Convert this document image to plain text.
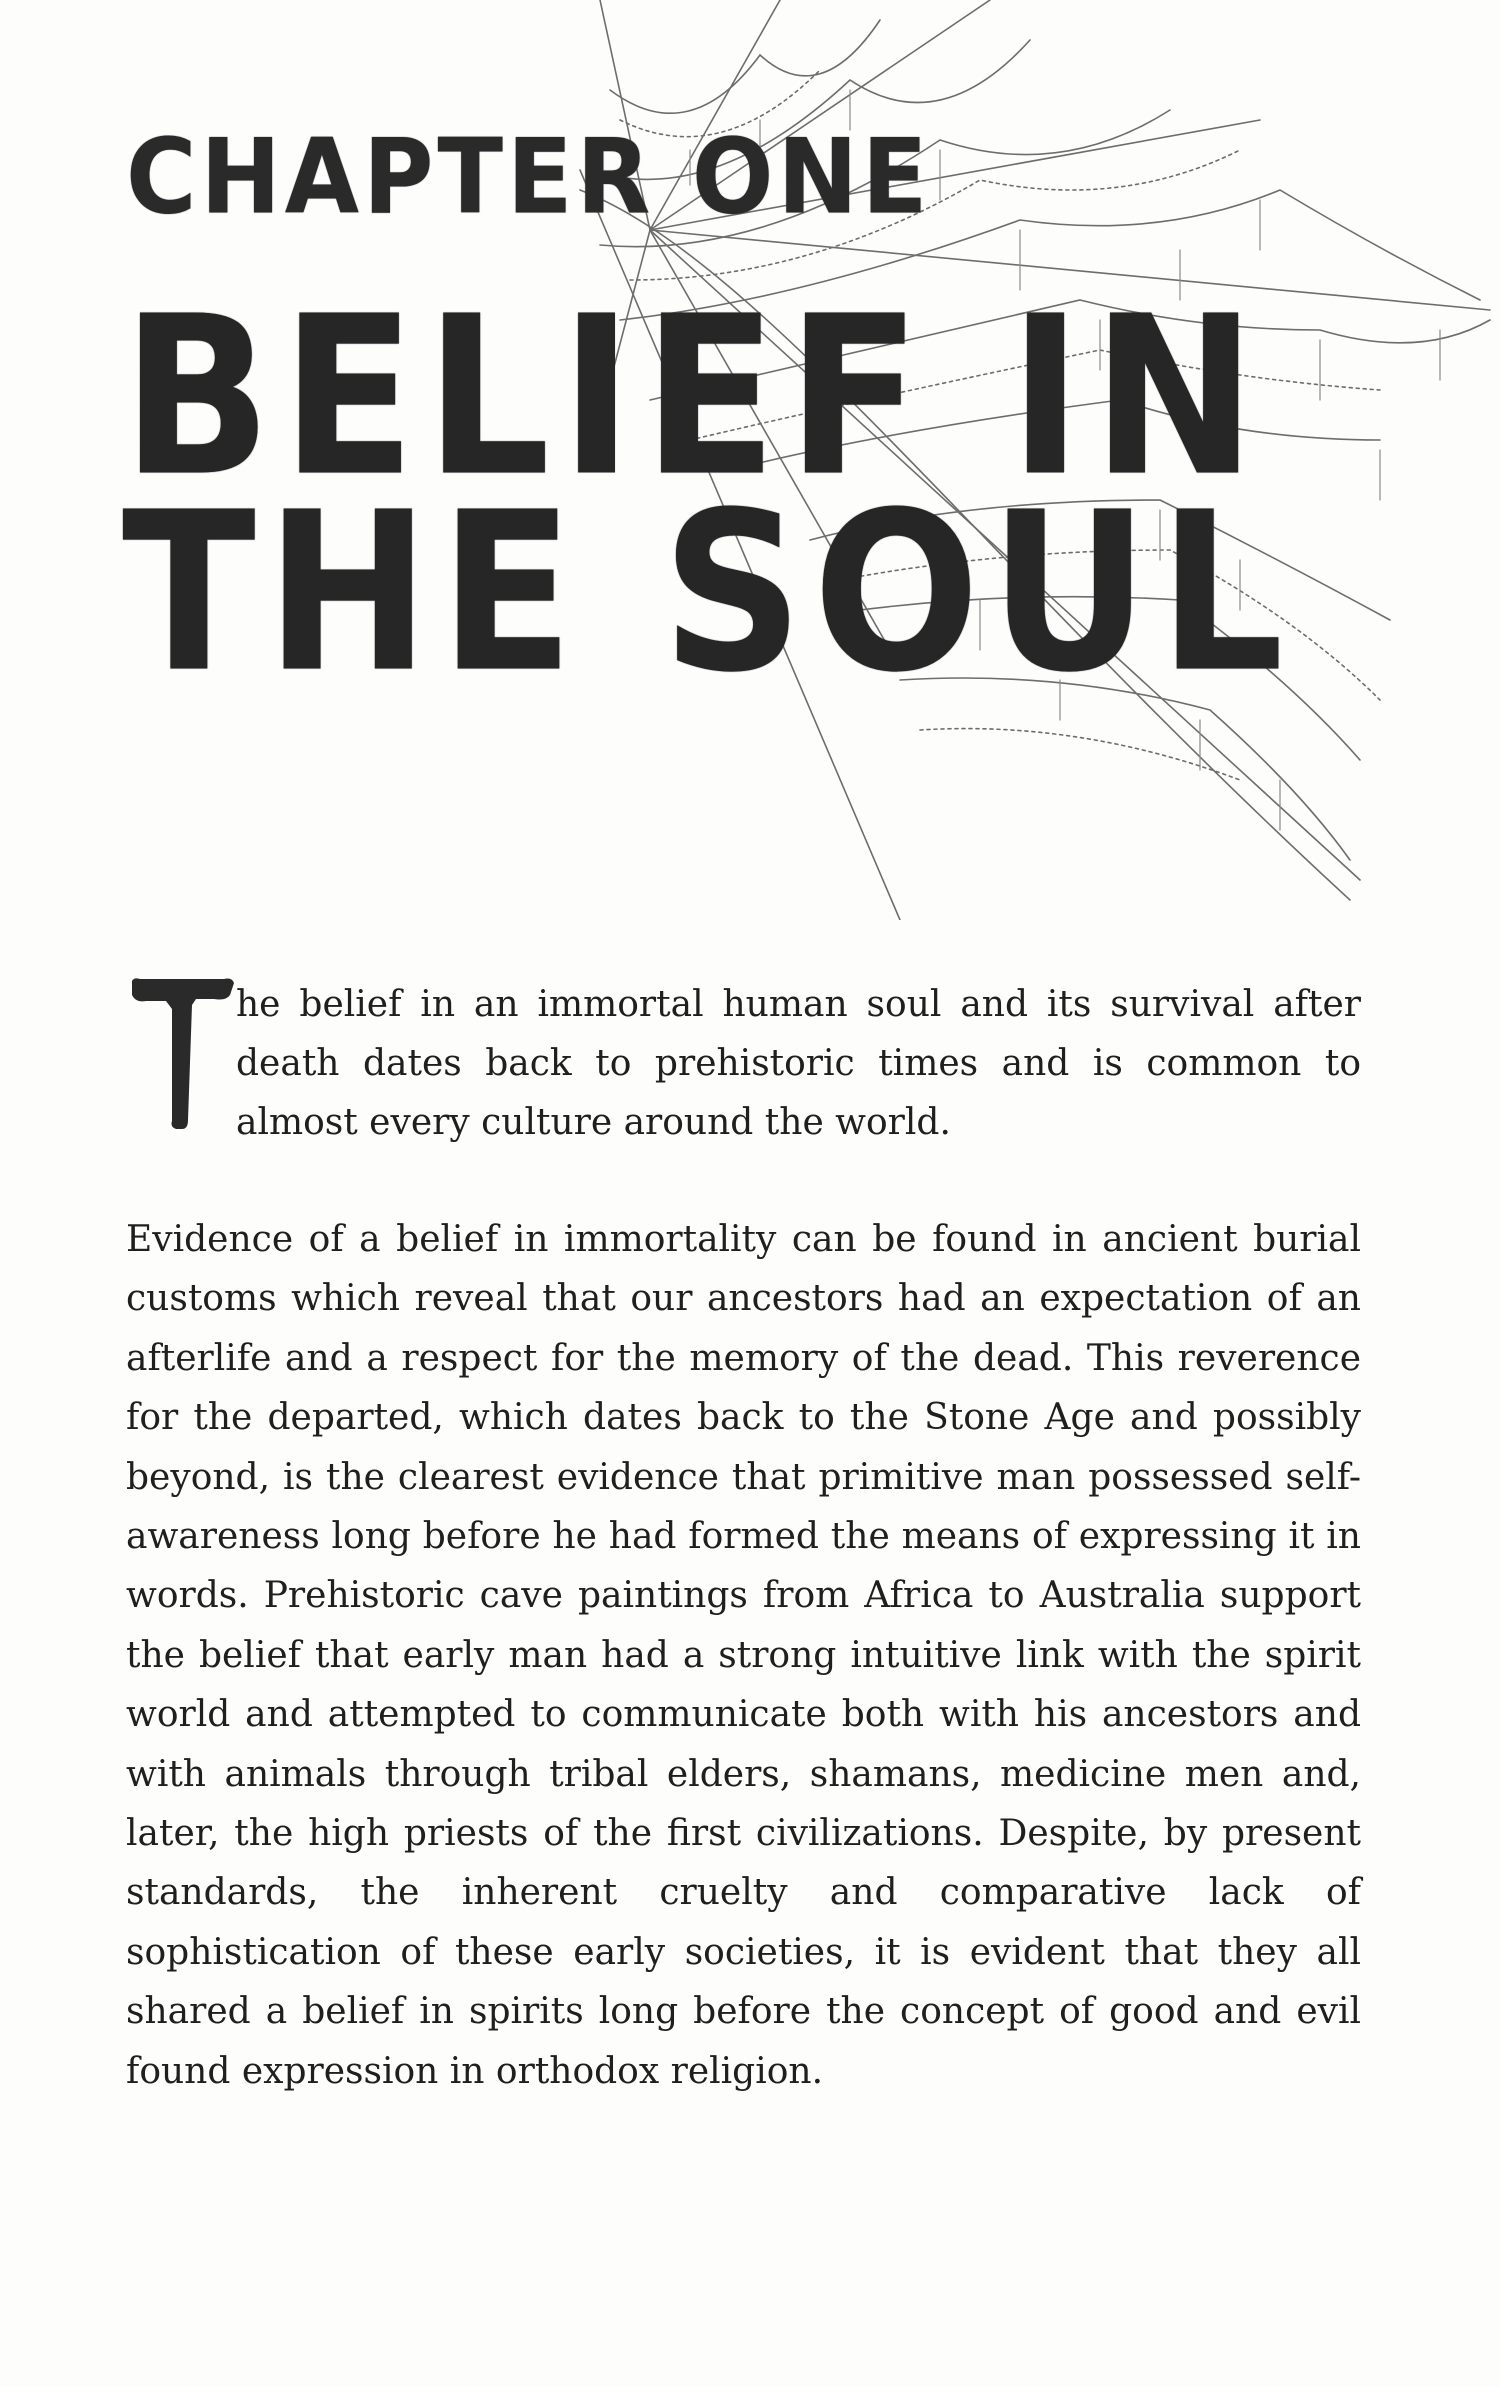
CHAPTER ONE
BELIEF IN
THE SOUL

he belief in an immortal human soul and its survival after death dates back to prehistoric times and is common to almost every culture around the world.

Evidence of a belief in immortality can be found in ancient burial customs which reveal that our ancestors had an expectation of an afterlife and a respect for the memory of the dead. This reverence for the departed, which dates back to the Stone Age and possibly beyond, is the clearest evidence that primitive man possessed self-awareness long before he had formed the means of expressing it in words. Prehistoric cave paintings from Africa to Australia support the belief that early man had a strong intuitive link with the spirit world and attempted to communicate both with his ancestors and with animals through tribal elders, shamans, medicine men and, later, the high priests of the first civilizations. Despite, by present standards, the inherent cruelty and comparative lack of sophistication of these early societies, it is evident that they all shared a belief in spirits long before the concept of good and evil found expression in orthodox religion.
